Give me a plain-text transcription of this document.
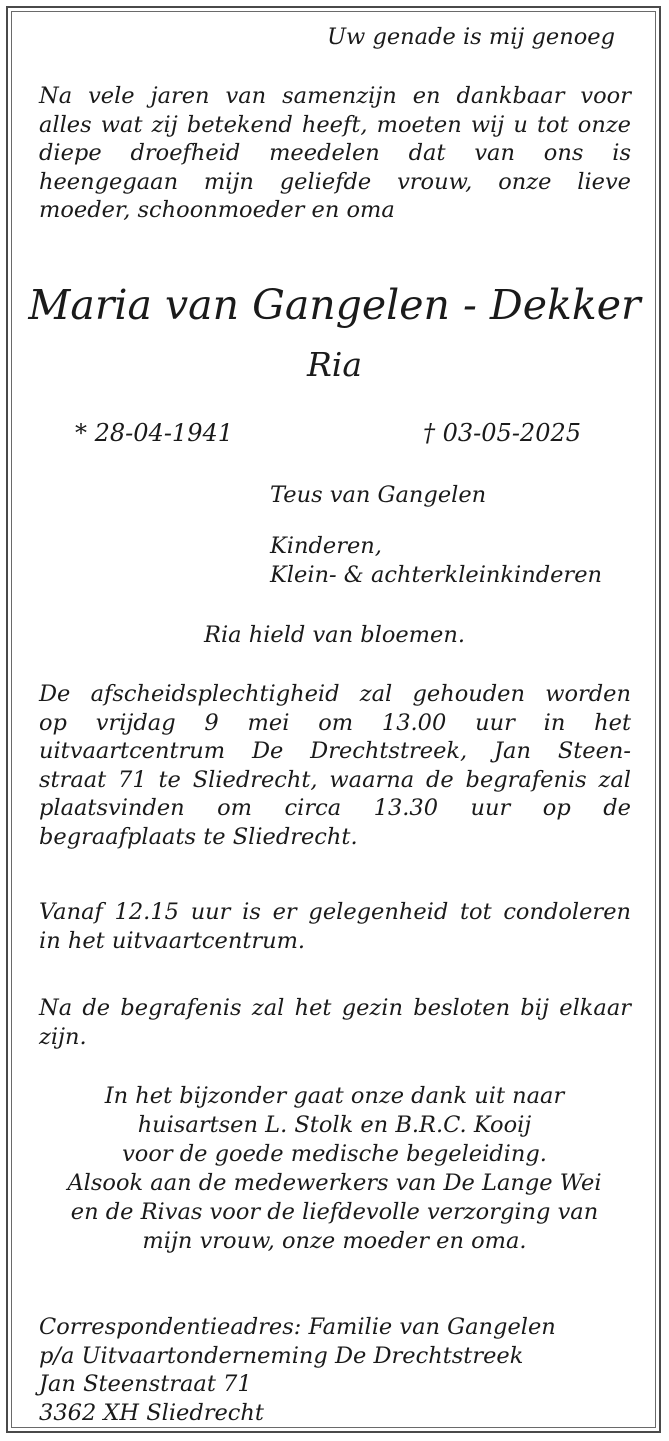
Uw genade is mij genoeg

Na vele jaren van samenzijn en dankbaar voor
alles wat zij betekend heeft, moeten wij u tot onze
diepe droefheid meedelen dat van ons is
heengegaan mijn geliefde vrouw, onze lieve
moeder, schoonmoeder en oma

Maria van Gangelen - Dekker

Ria

* 28-04-1941	† 03-05-2025

Teus van Gangelen

Kinderen,

Klein- & achterkleinkinderen

Ria hield van bloemen.

De afscheidsplechtigheid zal gehouden worden
op vrijdag 9 mei om 13.00 uur in het
uitvaartcentrum De Drechtstreek, Jan Steen-
straat 71 te Sliedrecht, waarna de begrafenis zal
plaatsvinden om circa 13.30 uur op de
begraafplaats te Sliedrecht.
Vanaf 12.15 uur is er gelegenheid tot condoleren
in het uitvaartcentrum.
Na de begrafenis zal het gezin besloten bij elkaar
zijn.
In het bijzonder gaat onze dank uit naar
huisartsen L. Stolk en B.R.C. Kooij
voor de goede medische begeleiding.
Alsook aan de medewerkers van De Lange Wei
en de Rivas voor de liefdevolle verzorging van
mijn vrouw, onze moeder en oma.
Correspondentieadres: Familie van Gangelen
p/a Uitvaartonderneming De Drechtstreek
Jan Steenstraat 71
3362 XH Sliedrecht
